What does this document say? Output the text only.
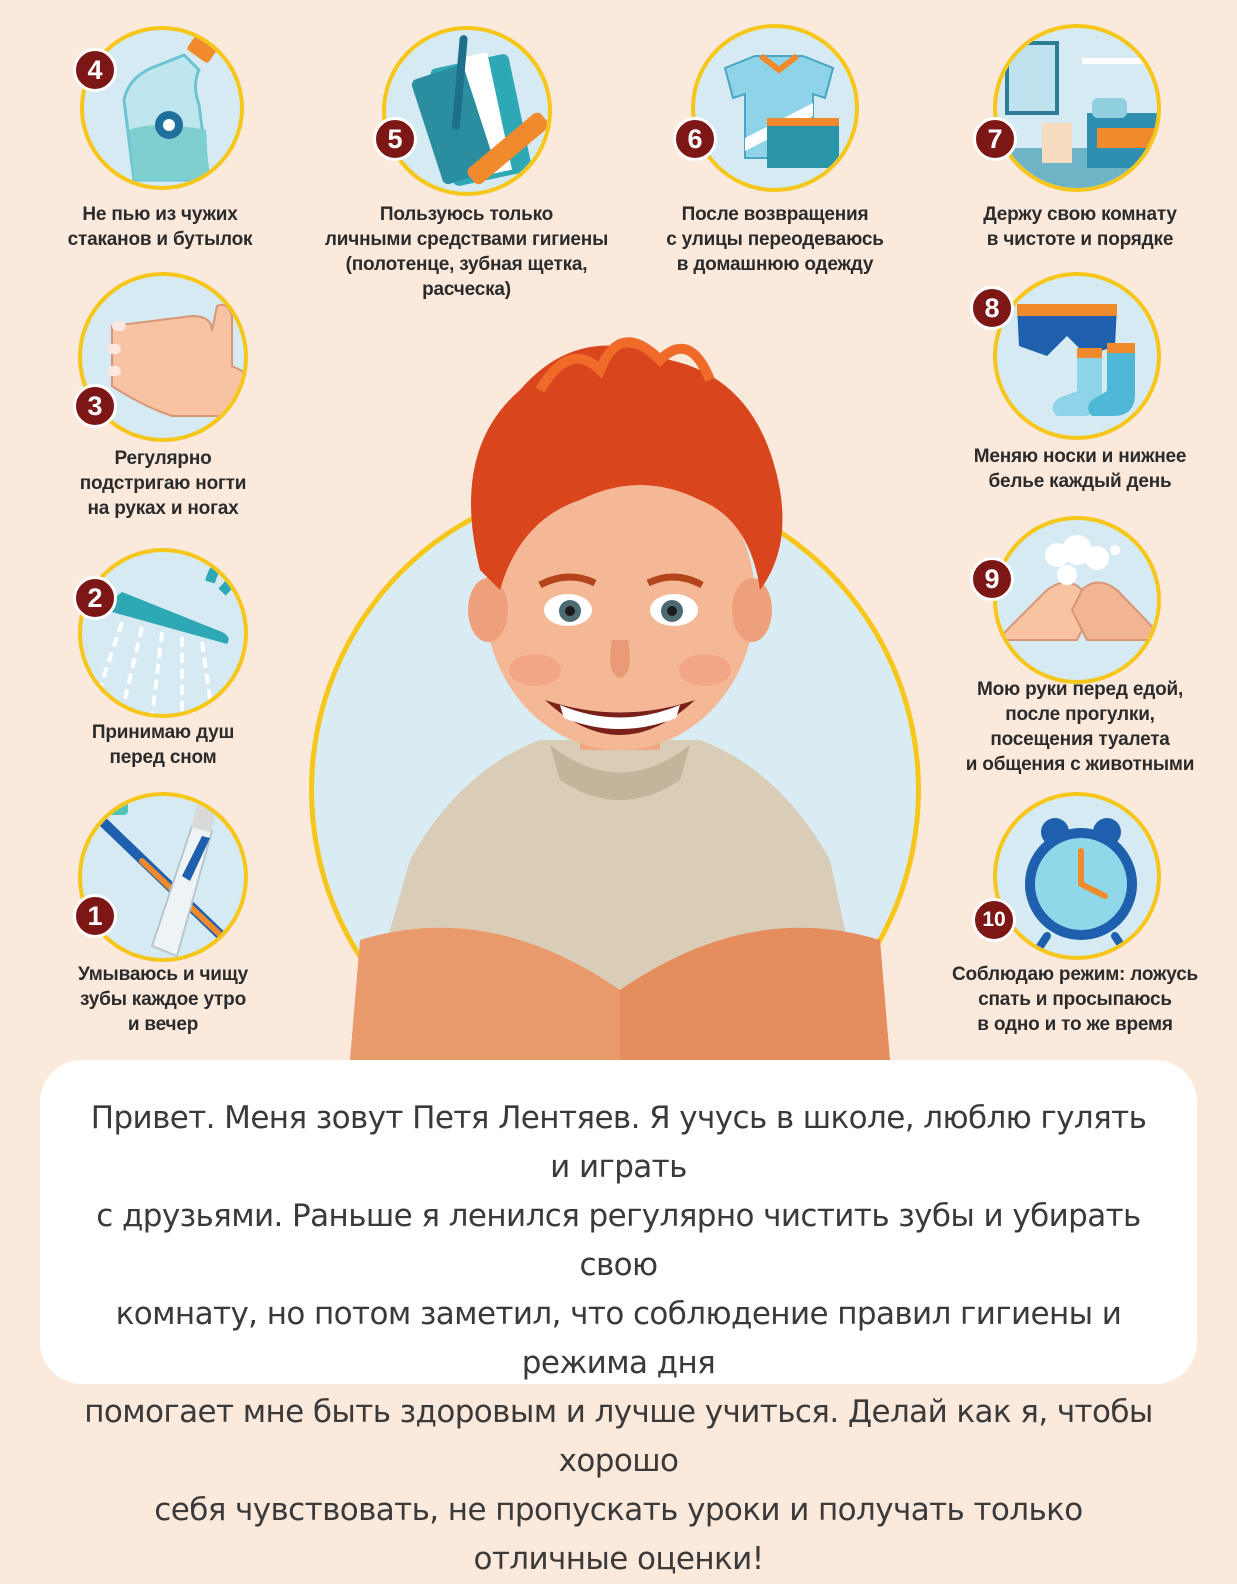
4
Не пью из чужих
стаканов и бутылок
5
Пользуюсь только
личными средствами гигиены
(полотенце, зубная щетка,
расческа)
6
После возвращения
с улицы переодеваюсь
в домашнюю одежду
7
Держу свою комнату
в чистоте и порядке
3
Регулярно
подстригаю ногти
на руках и ногах
8
Меняю носки и нижнее
белье каждый день
2
Принимаю душ
перед сном
9
Мою руки перед едой,
после прогулки,
посещения туалета
и общения с животными
1
Умываюсь и чищу
зубы каждое утро
и вечер
10
Соблюдаю режим: ложусь
спать и просыпаюсь
в одно и то же время
Привет. Меня зовут Петя Лентяев. Я учусь в школе, люблю гулять и играть
с друзьями. Раньше я ленился регулярно чистить зубы и убирать свою
комнату, но потом заметил, что соблюдение правил гигиены и режима дня
помогает мне быть здоровым и лучше учиться. Делай как я, чтобы хорошо
себя чувствовать, не пропускать уроки и получать только отличные оценки!
